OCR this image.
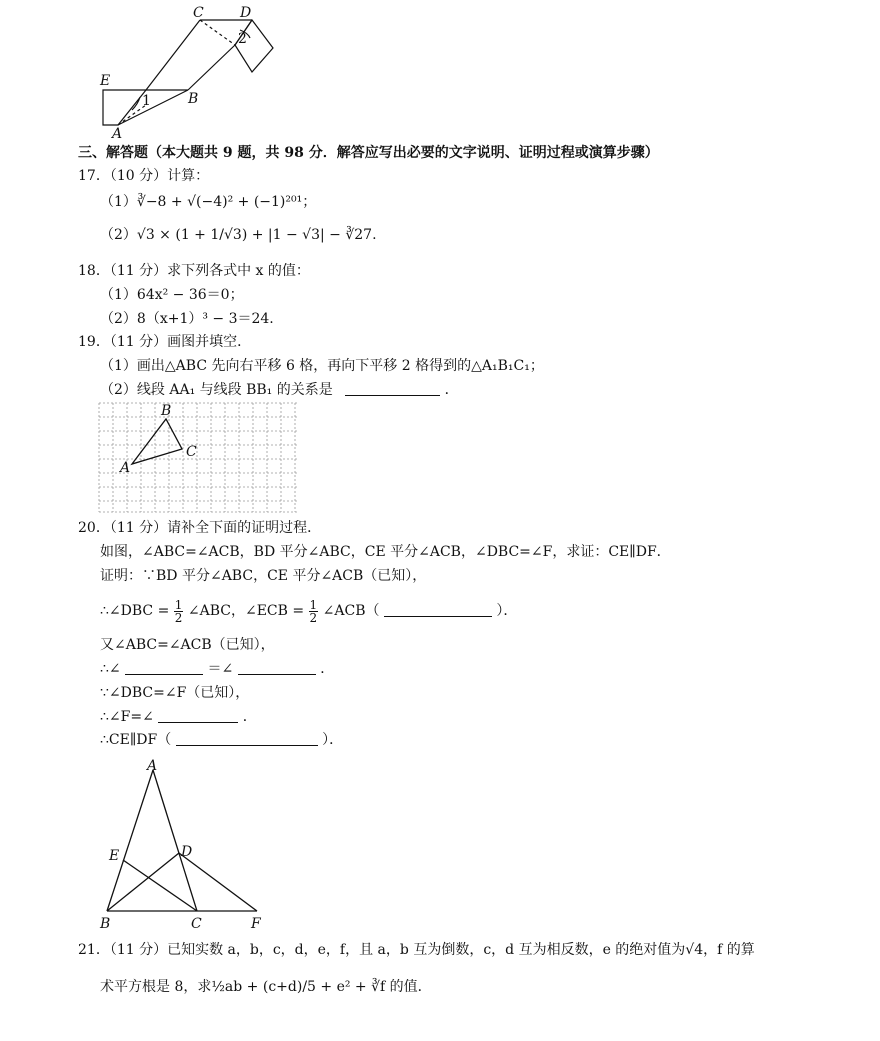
C	D
2
E
1	B
A
三、解答题（本大题共 9 题，共 98 分．解答应写出必要的文字说明、证明过程或演算步骤）
17．（10 分）计算：
（1）∛−8 + √(−4)² + (−1)²⁰¹；
（2）√3 × (1 + 1/√3) + |1 − √3| − ∛27.
18．（11 分）求下列各式中 x 的值：
（1）64x² − 36＝0；
（2）8（x+1）³ − 3＝24.
19．（11 分）画图并填空．
（1）画出△ABC 先向右平移 6 格，再向下平移 2 格得到的△A₁B₁C₁；
（2）线段 AA₁ 与线段 BB₁ 的关系是	．
B
C
A
20．（11 分）请补全下面的证明过程．
如图，∠ABC=∠ACB，BD 平分∠ABC，CE 平分∠ACB，∠DBC=∠F，求证：CE∥DF．
证明：∵BD 平分∠ABC，CE 平分∠ACB（已知），
∴∠DBC = $\frac{1}{2}$ ∠ABC，∠ECB = $\frac{1}{2}$ ∠ACB（	）．
又∠ABC=∠ACB（已知），
∴∠	＝∠	．
∵∠DBC=∠F（已知），
∴∠F=∠	．
∴CE∥DF（	）．
A
E	D
B	C	F
21．（11 分）已知实数 a，b，c，d，e，f，且 a，b 互为倒数，c，d 互为相反数，e 的绝对值为√4，f 的算
术平方根是 8，求½ab + (c+d)/5 + e² + ∛f 的值．
